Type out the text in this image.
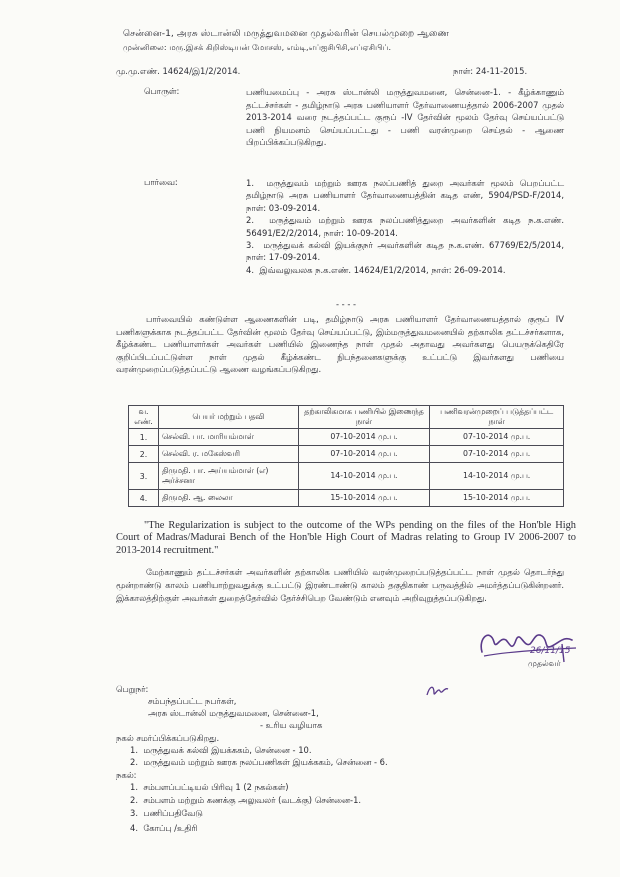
சென்னை-1, அரசு ஸ்டான்லி மருத்துவமனை முதல்வரின் செயல்முறை ஆணை
முன்னிலை: மரு.இசக் கிறிஸ்டியன் மோசஸ், எம்டி,எப்ஐசிபிசி,எப்ஏசிபிப்.
மு.மு.எண். 14624/இ1/2/2014.	நாள்: 24-11-2015.
பொருள்:	பணியமைப்பு - அரசு ஸ்டான்லி மருத்துவமனை, சென்னை-1. - கீழ்க்காணும் தட்டச்சர்கள் - தமிழ்நாடு அரசு பணியாளர் தேர்வாணையத்தால் 2006-2007 முதல் 2013-2014 வரை நடத்தப்பட்ட குரூப் -IV தேர்வின் மூலம் தேர்வு செய்யப்பட்டு பணி நியமனம் செய்யப்பட்டது - பணி வரன்முறை செய்தல் - ஆணை பிறப்பிக்கப்படுகிறது.
பார்வை:	1. மருத்துவம் மற்றும் ஊரக நலப்பணித் துறை அவர்கள் மூலம் பெறப்பட்ட தமிழ்நாடு அரசு பணியாளர் தேர்வாணையத்தின் கடித எண், 5904/PSD-F/2014, நாள்: 03-09-2014.
2. மருத்துவம் மற்றும் ஊரக நலப்பணித்துறை அவர்களின் கடித ந.க.எண். 56491/E2/2/2014, நாள்: 10-09-2014.
3. மருத்துவக் கல்வி இயக்குநர் அவர்களின் கடித ந.க.எண். 67769/E2/5/2014, நாள்: 17-09-2014.
4. இவ்வலுவலக ந.க.எண். 14624/E1/2/2014, நாள்: 26-09-2014.
- - - -
பார்வையில் கண்டுள்ள ஆணைகளின் படி, தமிழ்நாடு அரசு பணியாளர் தேர்வாணையத்தால் குரூப் IV பணிகளுக்காக நடத்தப்பட்ட தேர்வின் மூலம் தேர்வு செய்யப்பட்டு, இம்மருத்துவமனையில் தற்காலிக தட்டச்சர்களாக, கீழ்க்கண்ட பணியாளர்கள் அவர்கள் பணியில் இணைந்த நாள் முதல் அதாவது அவர்களது பெயருக்கெதிரே குறிப்பிடப்பட்டுள்ள நாள் முதல் கீழ்க்கண்ட நிபந்தனைகளுக்கு உட்பட்டு இவர்களது பணியை வரன்முறைப்படுத்தப்பட்டு ஆணை வழங்கப்படுகிறது.
வ. எண்.	பெயர் மற்றும் பதவி	தற்காலிகமாக பணியில் இணைந்த நாள்	பணிவரன்முறைப் படுத்தப்பட்ட நாள்
1.	செல்வி. பா. மாரியம்மாள்	07-10-2014 மு.ப.	07-10-2014 மு.ப.
2.	செல்வி. ர. மகேஸ்வரி	07-10-2014 மு.ப.	07-10-2014 மு.ப.
3.	திருமதி. பா. அய்யம்மாள் (எ) அர்ச்சனா	14-10-2014 மு.ப.	14-10-2014 மு.ப.
4.	திருமதி. ஆ. லைலா	15-10-2014 மு.ப.	15-10-2014 மு.ப.
"The Regularization is subject to the outcome of the WPs pending on the files of the Hon'ble High Court of Madras/Madurai Bench of the Hon'ble High Court of Madras relating to Group IV 2006-2007 to 2013-2014 recruitment."
மேற்காணும் தட்டச்சர்கள் அவர்களின் தற்காலிக பணியில் வரன்முறைப்படுத்தப்பட்ட நாள் முதல் தொடர்ந்து மூன்றாண்டு காலம் பணியாற்றுவதுக்கு உட்பட்டு இரண்டாண்டு காலம் தகுதிகாண் பருவத்தில் அமர்த்தப்படுகின்றனர். இக்காலத்திற்குள் அவர்கள் துறைத்தேர்வில் தேர்ச்சிபெற வேண்டும் எனவும் அறிவுறுத்தப்படுகிறது.
26/11/15
முதல்வர்
பெறுநர்:
சம்பந்தப்பட்ட நபர்கள்,
அரசு ஸ்டான்லி மருத்துவமனை, சென்னை-1,
- உரிய வழியாக
நகல் சமர்ப்பிக்கப்படுகிறது.
1. மருத்துவக் கல்வி இயக்ககம், சென்னை - 10.
2. மருத்துவம் மற்றும் ஊரக நலப்பணிகள் இயக்ககம், சென்னை - 6.
நகல்:
1. சம்பளப்பட்டியல் பிரிவு 1 (2 நகல்கள்)
2. சம்பளம் மற்றும் கணக்கு அலுவலர் (வடக்கு) சென்னை-1.
3. பணிப்பதிவேடு
4. கோப்பு /உதிரி
